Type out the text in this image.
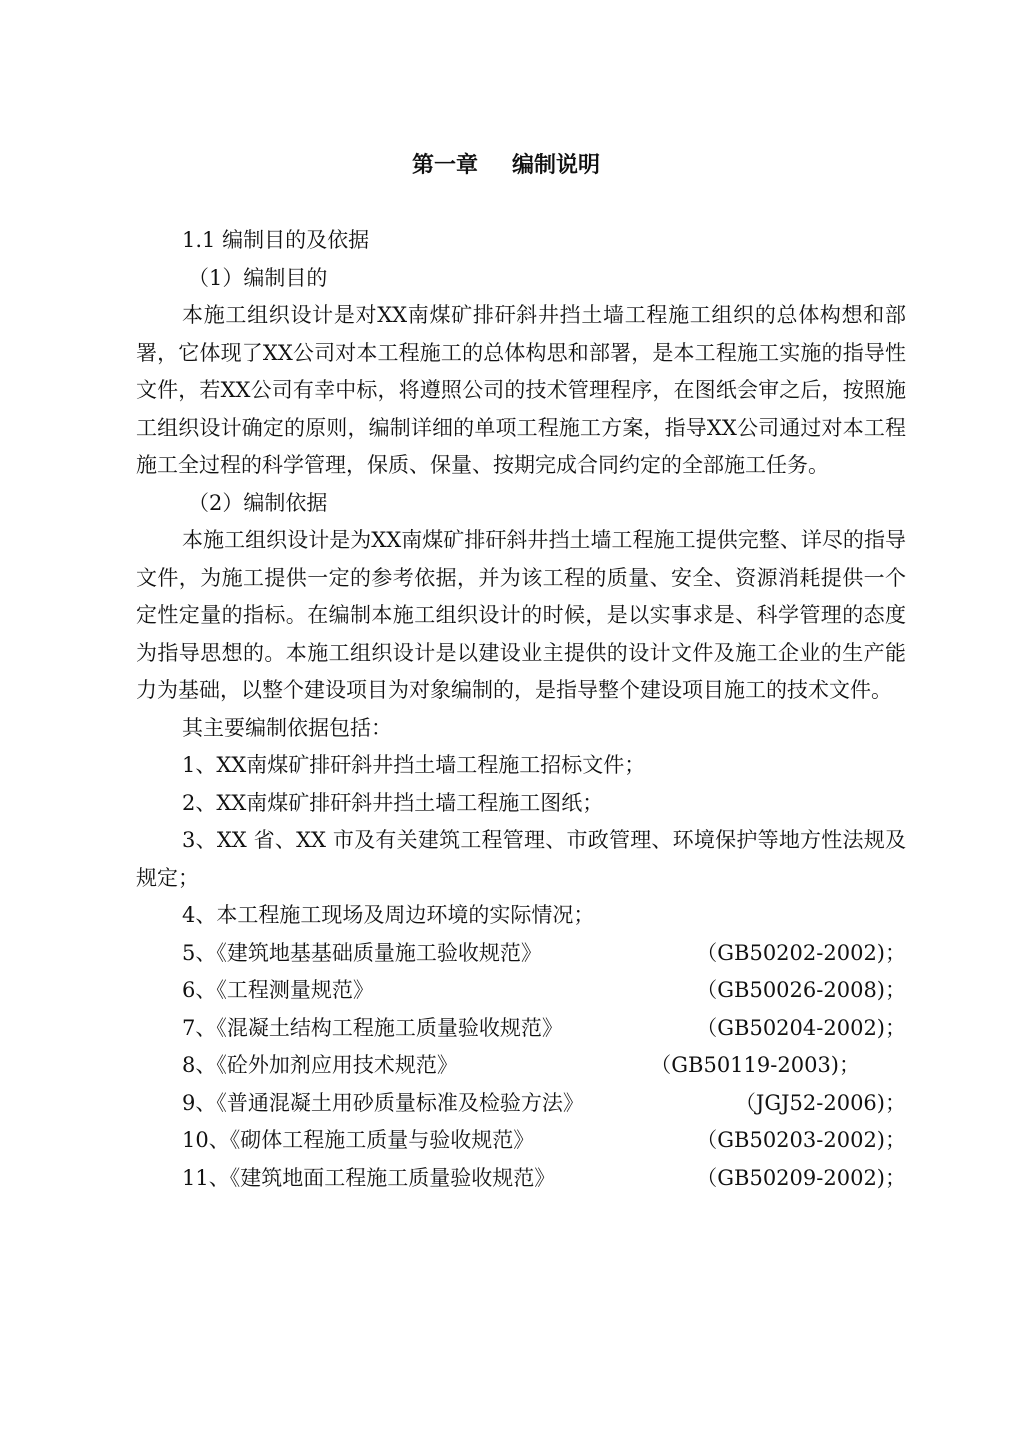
第一章 编制说明

1.1 编制目的及依据

（1）编制目的

本施工组织设计是对XX南煤矿排矸斜井挡土墙工程施工组织的总体构想和部署，它体现了XX公司对本工程施工的总体构思和部署，是本工程施工实施的指导性文件，若XX公司有幸中标，将遵照公司的技术管理程序，在图纸会审之后，按照施工组织设计确定的原则，编制详细的单项工程施工方案，指导XX公司通过对本工程施工全过程的科学管理，保质、保量、按期完成合同约定的全部施工任务。

（2）编制依据

本施工组织设计是为XX南煤矿排矸斜井挡土墙工程施工提供完整、详尽的指导文件，为施工提供一定的参考依据，并为该工程的质量、安全、资源消耗提供一个定性定量的指标。在编制本施工组织设计的时候，是以实事求是、科学管理的态度为指导思想的。本施工组织设计是以建设业主提供的设计文件及施工企业的生产能力为基础，以整个建设项目为对象编制的，是指导整个建设项目施工的技术文件。

其主要编制依据包括：

1、XX南煤矿排矸斜井挡土墙工程施工招标文件；

2、XX南煤矿排矸斜井挡土墙工程施工图纸；

3、XX 省、XX 市及有关建筑工程管理、市政管理、环境保护等地方性法规及规定；

4、本工程施工现场及周边环境的实际情况；

5、《建筑地基基础质量施工验收规范》	（GB50202-2002)；
6、《工程测量规范》	（GB50026-2008)；
7、《混凝土结构工程施工质量验收规范》	（GB50204-2002)；
8、《砼外加剂应用技术规范》	（GB50119-2003)；
9、《普通混凝土用砂质量标准及检验方法》	（JGJ52-2006)；
10、《砌体工程施工质量与验收规范》	（GB50203-2002)；
11、《建筑地面工程施工质量验收规范》	（GB50209-2002)；
